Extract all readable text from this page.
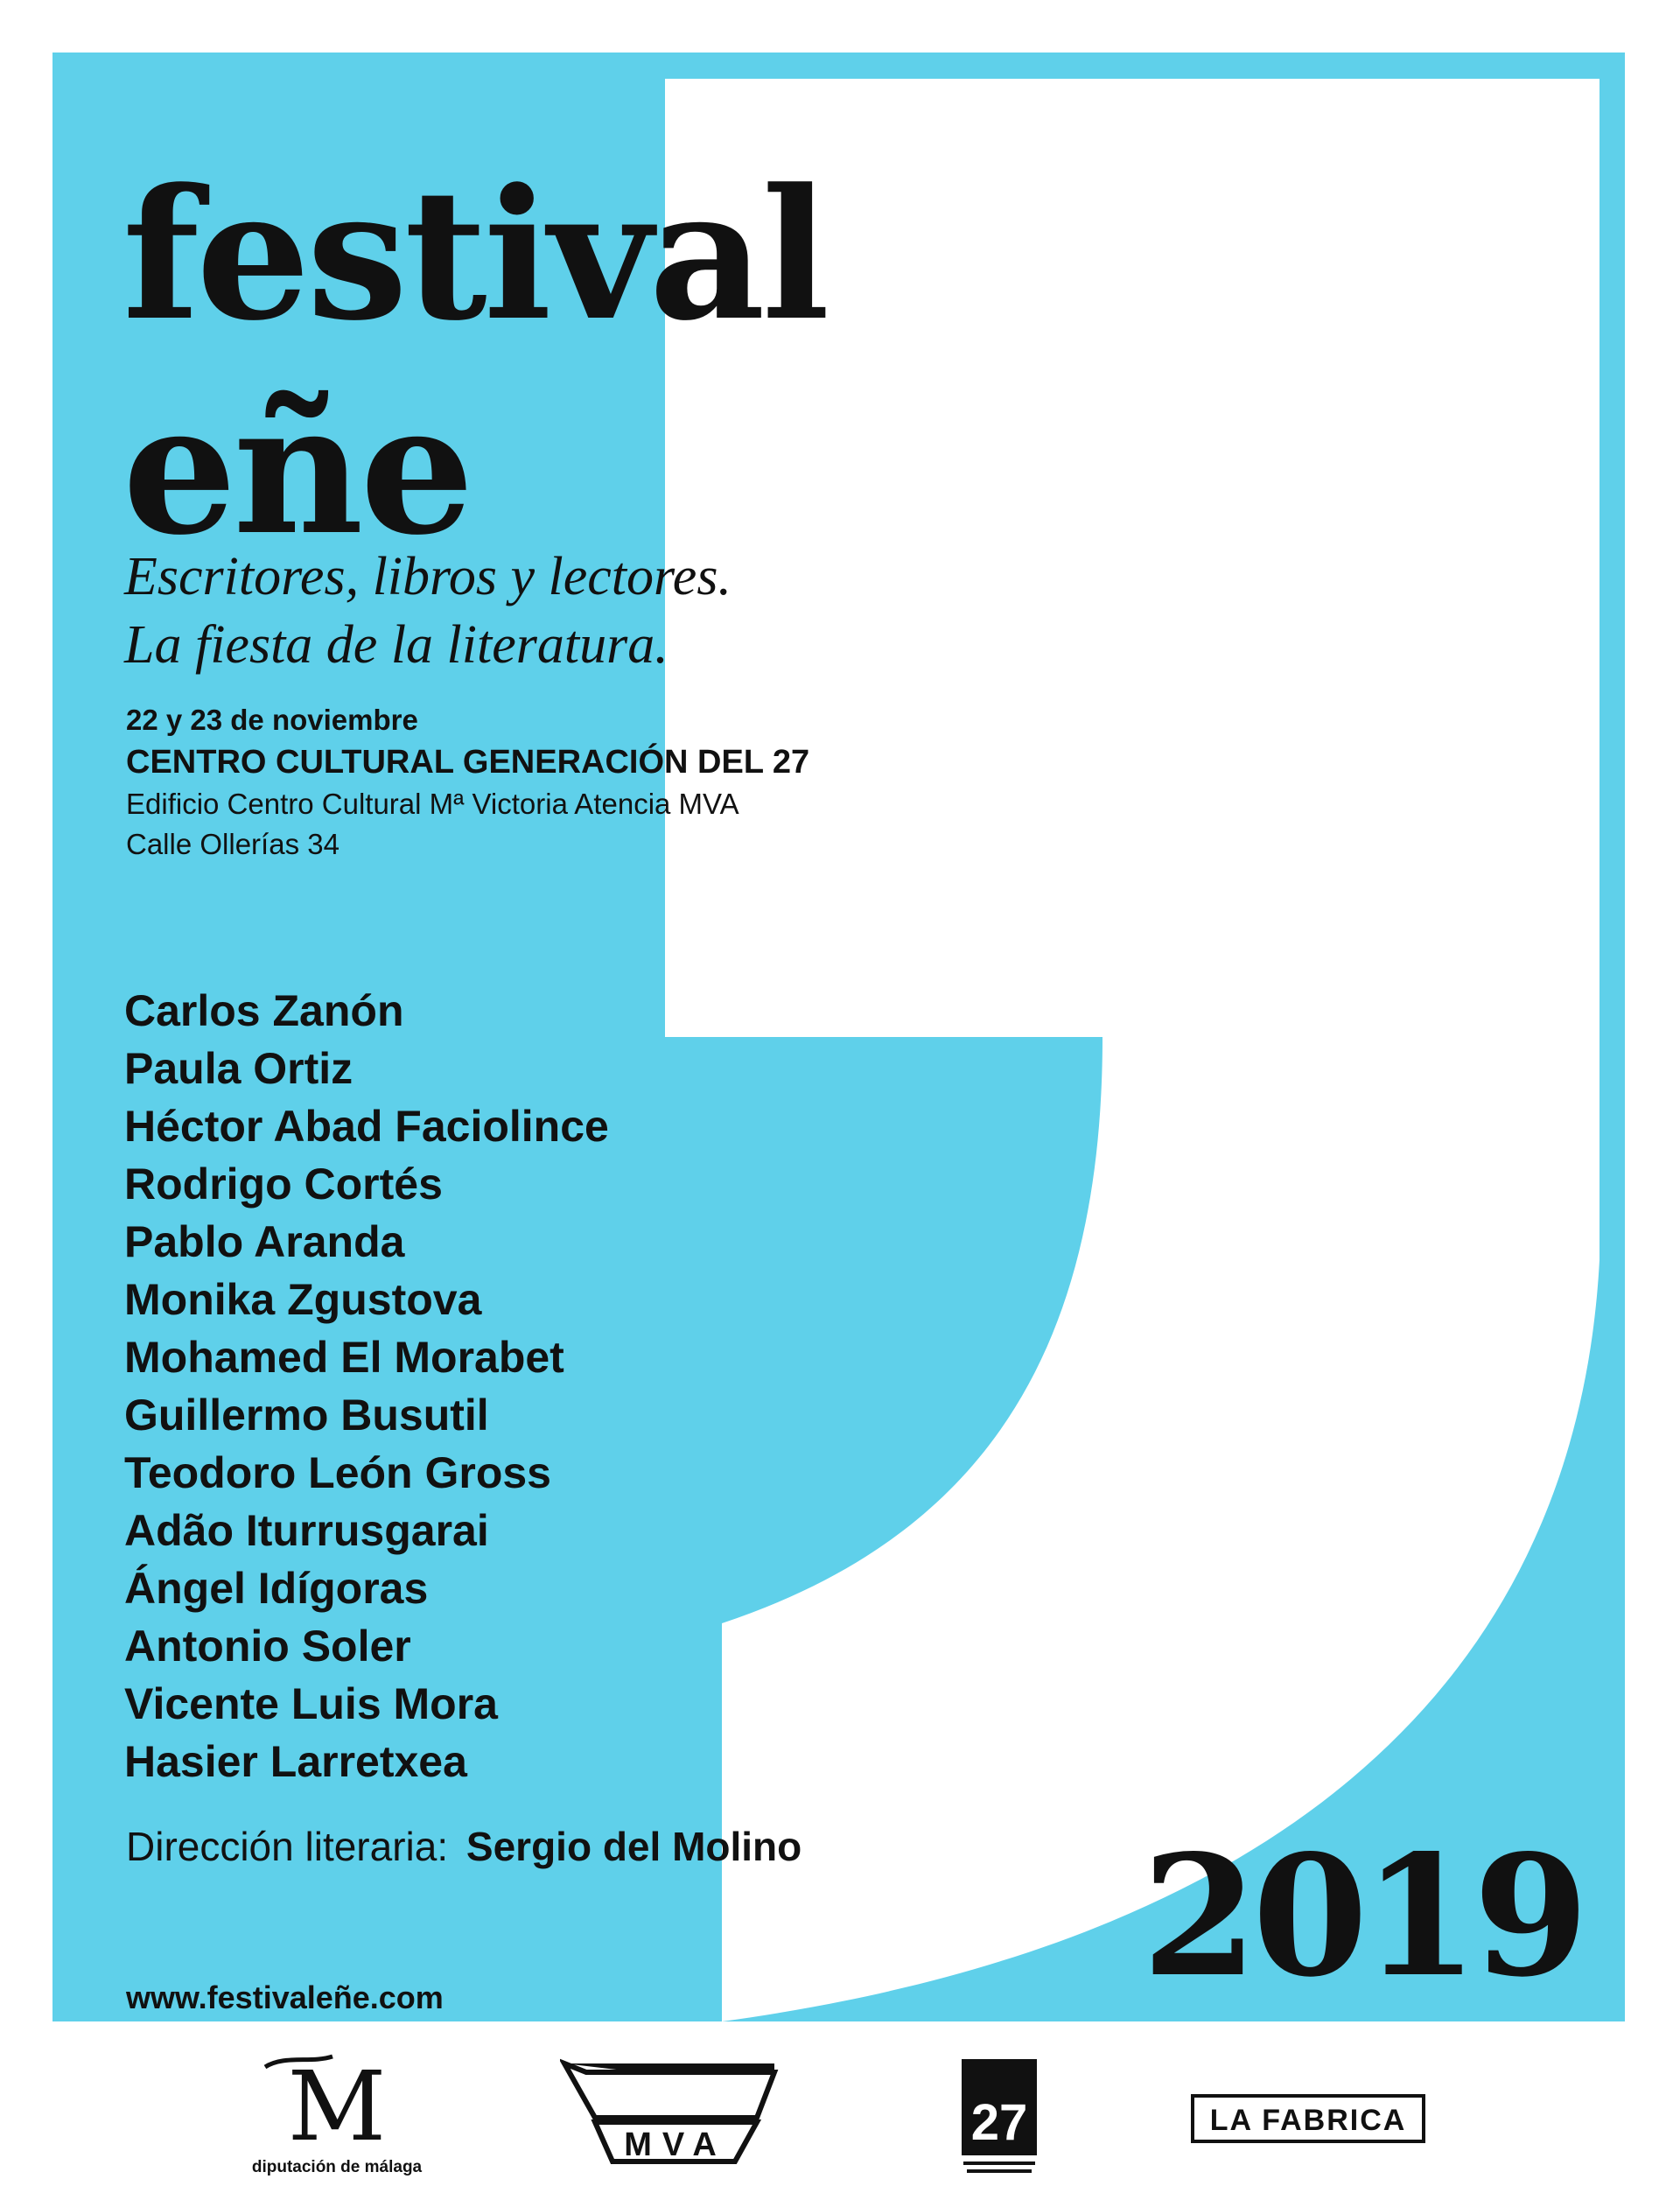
festival
eñe
Escritores, libros y lectores.
La fiesta de la literatura.
22 y 23 de noviembre
CENTRO CULTURAL GENERACIÓN DEL 27
Edificio Centro Cultural Mª Victoria Atencia MVA
Calle Ollerías 34
Carlos Zanón
Paula Ortiz
Héctor Abad Faciolince
Rodrigo Cortés
Pablo Aranda
Monika Zgustova
Mohamed El Morabet
Guillermo Busutil
Teodoro León Gross
Adão Iturrusgarai
Ángel Idígoras
Antonio Soler
Vicente Luis Mora
Hasier Larretxea
Dirección literaria: Sergio del Molino
www.festivaleñe.com	2019
M
diputación de málaga
MVA	27	LA FABRICA
